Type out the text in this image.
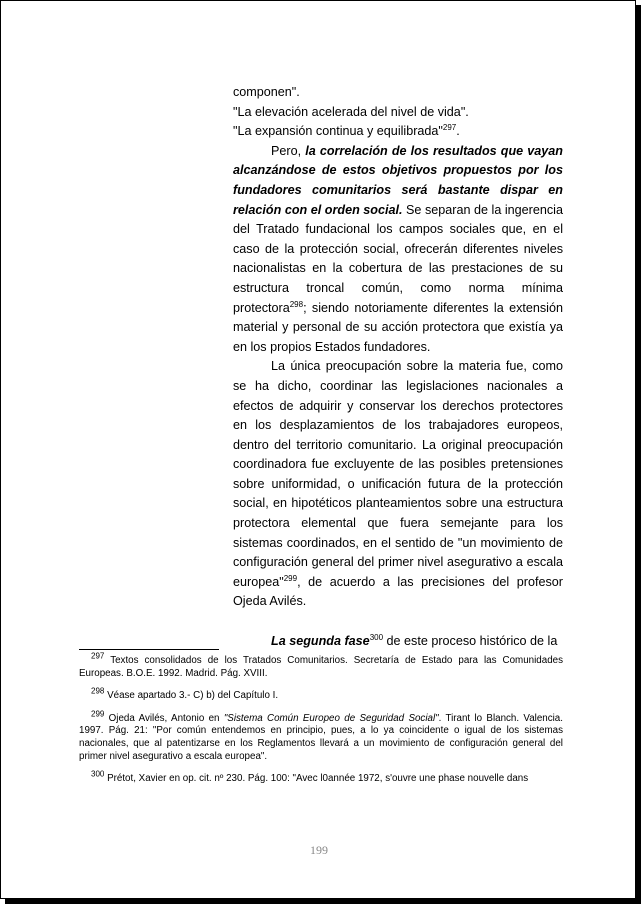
componen".

"La elevación acelerada del nivel de vida".

"La expansión continua y equilibrada"$^{297}$.

Pero, la correlación de los resultados que vayan alcanzándose de estos objetivos propuestos por los fundadores comunitarios será bastante dispar en relación con el orden social. Se separan de la ingerencia del Tratado fundacional los campos sociales que, en el caso de la protección social, ofrecerán diferentes niveles nacionalistas en la cobertura de las prestaciones de su estructura troncal común, como norma mínima protectora$^{298}$; siendo notoriamente diferentes la extensión material y personal de su acción protectora que existía ya en los propios Estados fundadores.

La única preocupación sobre la materia fue, como se ha dicho, coordinar las legislaciones nacionales a efectos de adquirir y conservar los derechos protectores en los desplazamientos de los trabajadores europeos, dentro del territorio comunitario. La original preocupación coordinadora fue excluyente de las posibles pretensiones sobre uniformidad, o unificación futura de la protección social, en hipotéticos planteamientos sobre una estructura protectora elemental que fuera semejante para los sistemas coordinados, en el sentido de "un movimiento de configuración general del primer nivel asegurativo a escala europea"$^{299}$, de acuerdo a las precisiones del profesor Ojeda Avilés.

La segunda fase$^{300}$ de este proceso histórico de la

$^{297}$ Textos consolidados de los Tratados Comunitarios. Secretaría de Estado para las Comunidades Europeas. B.O.E. 1992. Madrid. Pág. XVIII.

$^{298}$ Véase apartado 3.- C) b) del Capítulo I.

$^{299}$ Ojeda Avilés, Antonio en "Sistema Común Europeo de Seguridad Social". Tirant lo Blanch. Valencia. 1997. Pág. 21: "Por común entendemos en principio, pues, a lo ya coincidente o igual de los sistemas nacionales, que al patentizarse en los Reglamentos llevará a un movimiento de configuración general del primer nivel asegurativo a escala europea".

$^{300}$ Prétot, Xavier en op. cit. nº 230. Pág. 100: "Avec l0année 1972, s'ouvre une phase nouvelle dans

199
